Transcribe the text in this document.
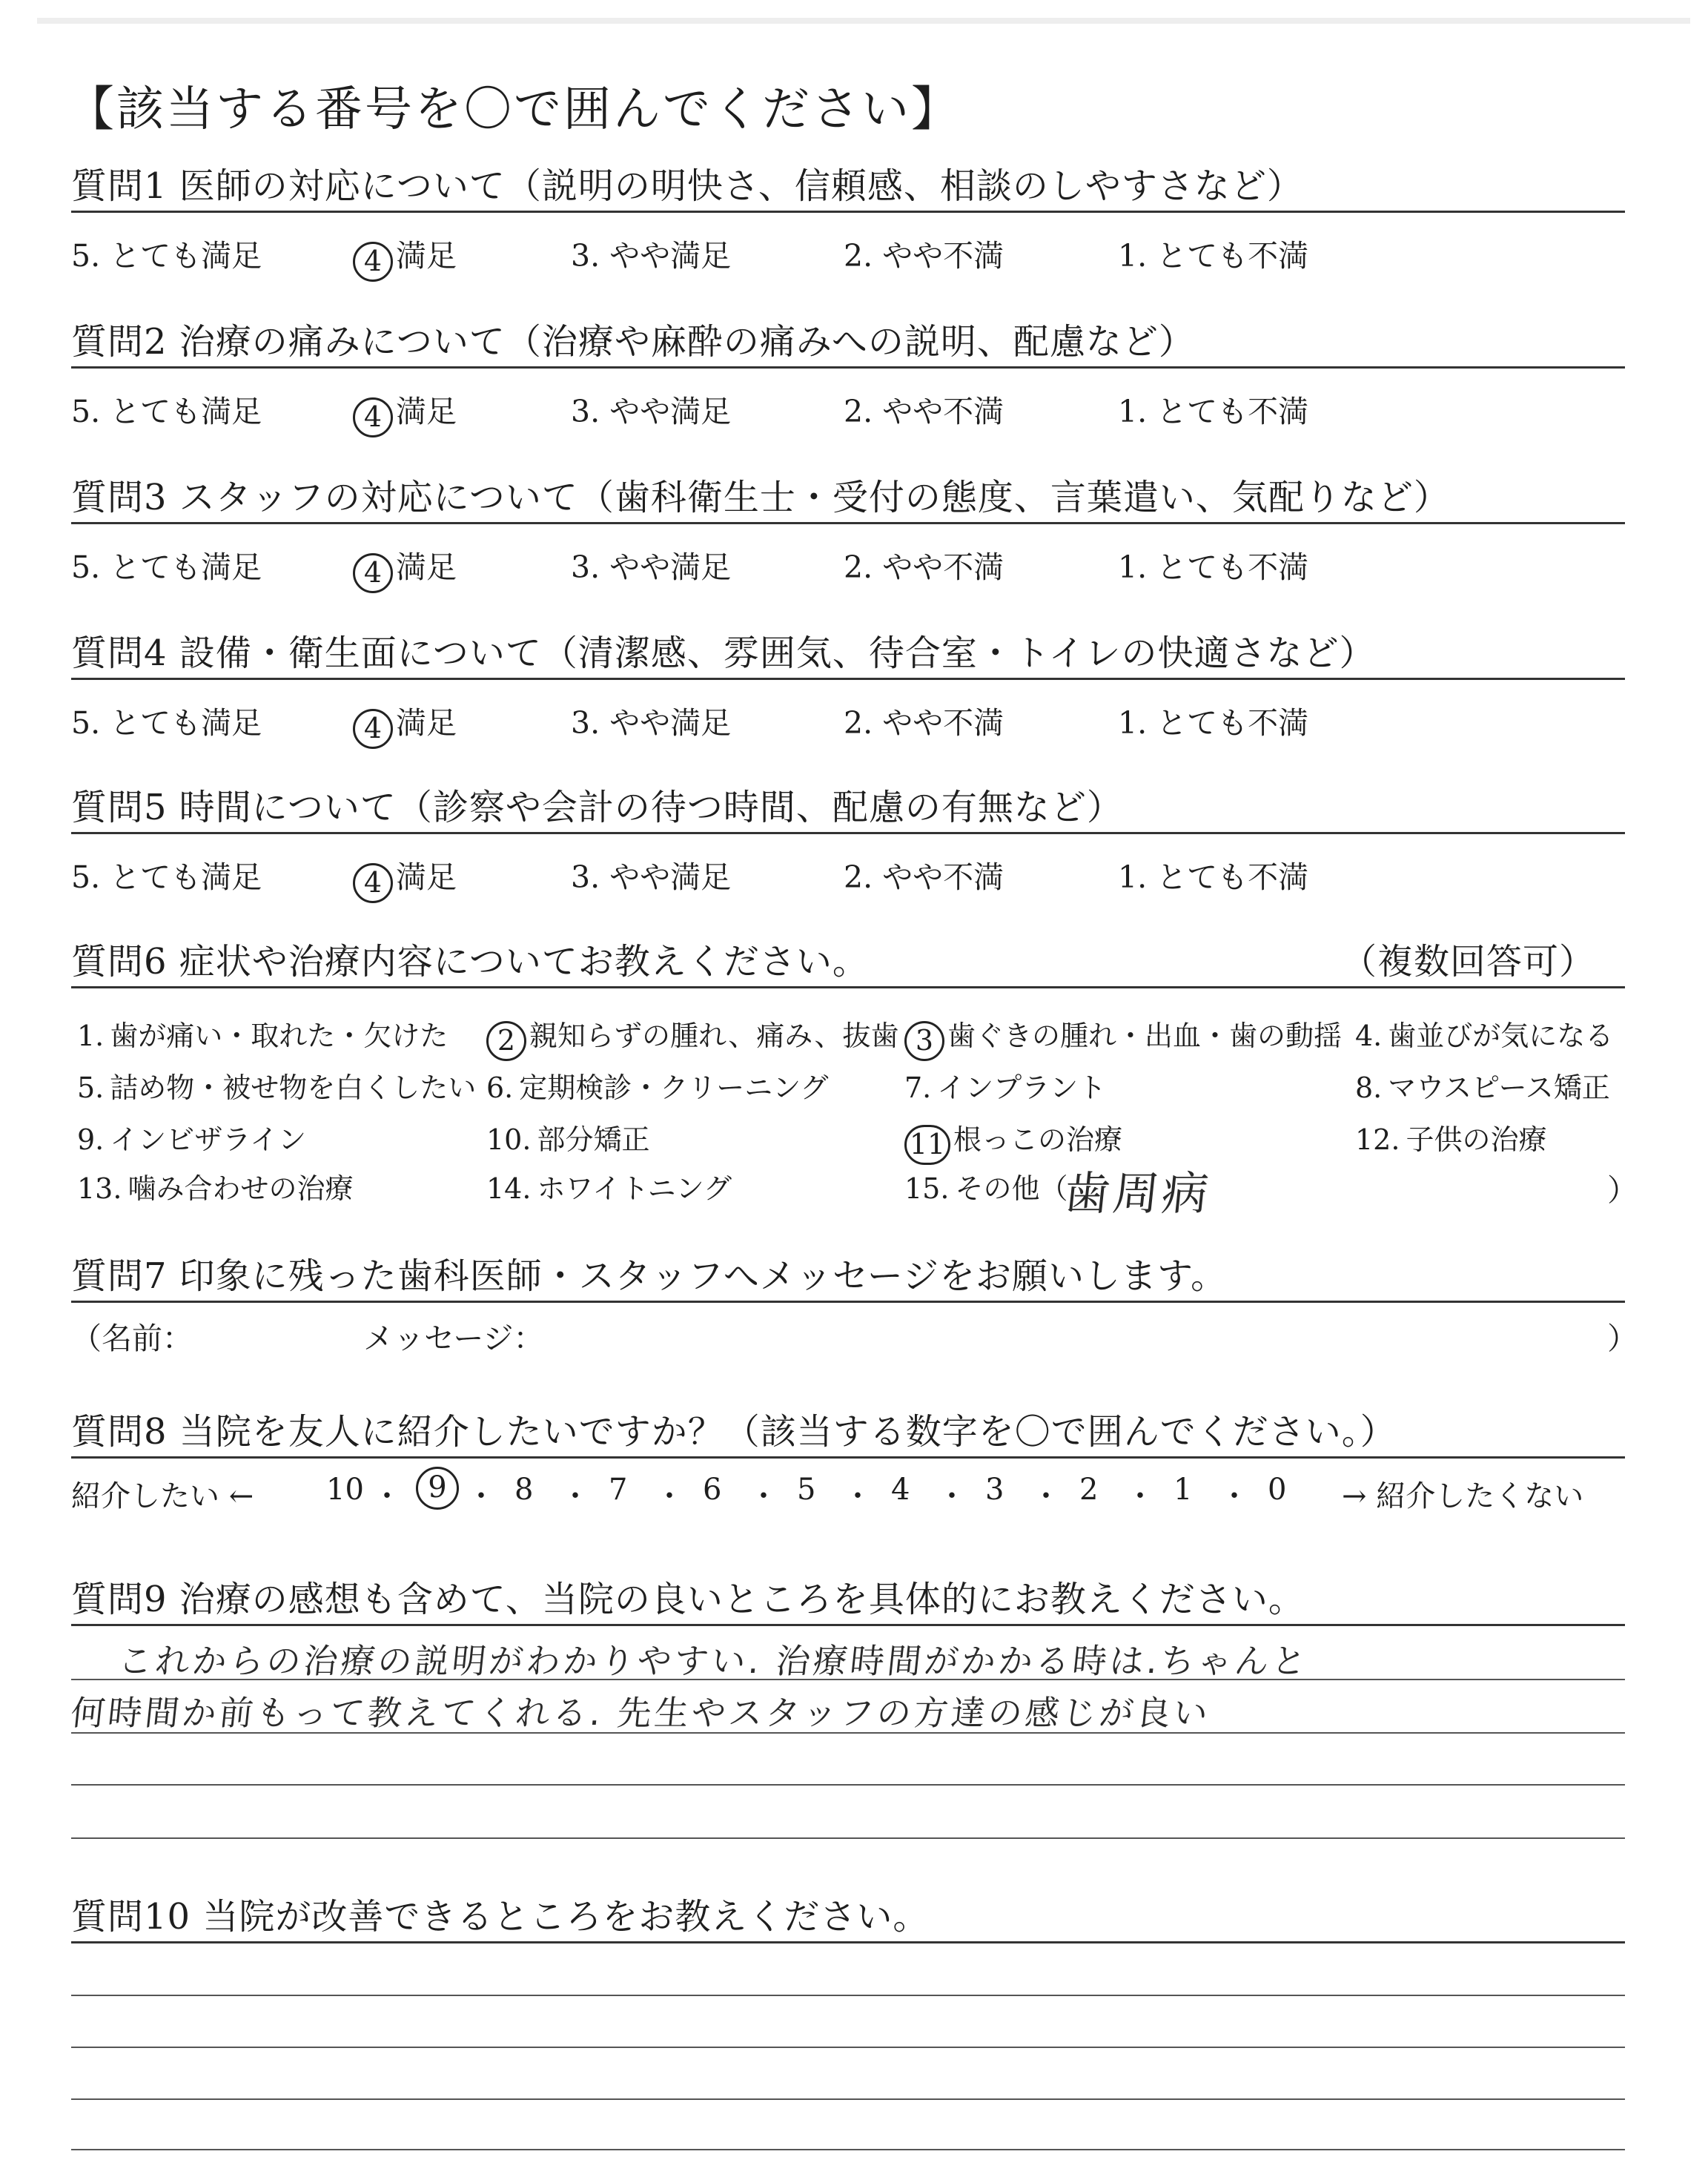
【該当する番号を〇で囲んでください】
質問1 医師の対応について（説明の明快さ、信頼感、相談のしやすさなど）
5. とても満足	4 満足	3. やや満足	2. やや不満	1. とても不満
質問2 治療の痛みについて（治療や麻酔の痛みへの説明、配慮など）
5. とても満足	4 満足	3. やや満足	2. やや不満	1. とても不満
質問3 スタッフの対応について（歯科衛生士・受付の態度、言葉遣い、気配りなど）
5. とても満足	4 満足	3. やや満足	2. やや不満	1. とても不満
質問4 設備・衛生面について（清潔感、雰囲気、待合室・トイレの快適さなど）
5. とても満足	4 満足	3. やや満足	2. やや不満	1. とても不満
質問5 時間について（診察や会計の待つ時間、配慮の有無など）
5. とても満足	4 満足	3. やや満足	2. やや不満	1. とても不満
質問6 症状や治療内容についてお教えください。	（複数回答可）
1. 歯が痛い・取れた・欠けた	2 親知らずの腫れ、痛み、抜歯 3 歯ぐきの腫れ・出血・歯の動揺 4. 歯並びが気になる
5. 詰め物・被せ物を白くしたい 6. 定期検診・クリーニング	7. インプラント	8. マウスピース矯正
9. インビザライン	10. 部分矯正	11 根っこの治療	12. 子供の治療
13. 噛み合わせの治療	14. ホワイトニング	15. その他（
歯周病	）
質問7 印象に残った歯科医師・スタッフへメッセージをお願いします。
（名前：	メッセージ：	）
質問8 当院を友人に紹介したいですか？（該当する数字を〇で囲んでください。）
紹介したい ←	→ 紹介したくない
10 ・ 9 ・ 8 ・ 7 ・ 6 ・ 5 ・ 4 ・ 3 ・ 2 ・ 1 ・ 0
質問9 治療の感想も含めて、当院の良いところを具体的にお教えください。
これからの治療の説明がわかりやすい. 治療時間がかかる時は.ちゃんと
何時間か前もって教えてくれる. 先生やスタッフの方達の感じが良い
質問10 当院が改善できるところをお教えください。
